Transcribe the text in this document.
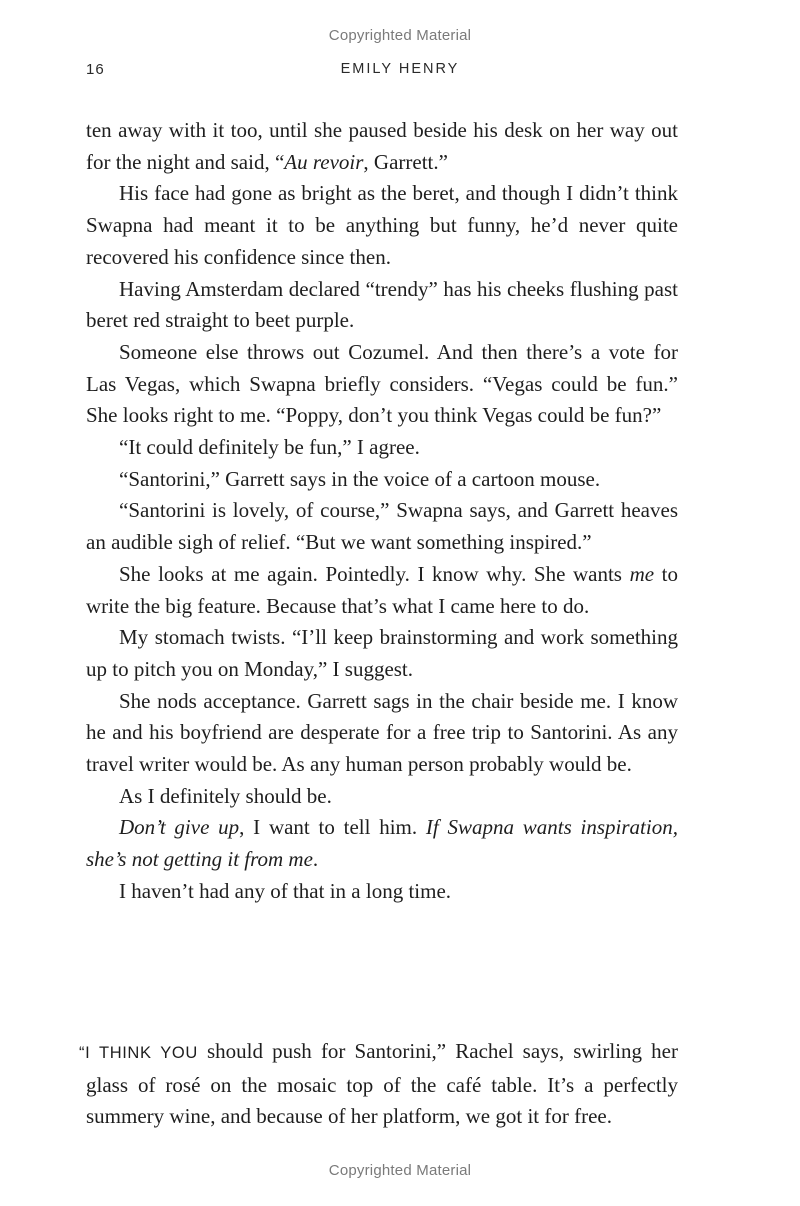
Copyrighted Material
16	EMILY HENRY

ten away with it too, until she paused beside his desk on her way out for the night and said, “Au revoir, Garrett.”

His face had gone as bright as the beret, and though I didn’t think Swapna had meant it to be anything but funny, he’d never quite recovered his confidence since then.

Having Amsterdam declared “trendy” has his cheeks flushing past beret red straight to beet purple.

Someone else throws out Cozumel. And then there’s a vote for Las Vegas, which Swapna briefly considers. “Vegas could be fun.” She looks right to me. “Poppy, don’t you think Vegas could be fun?”

“It could definitely be fun,” I agree.

“Santorini,” Garrett says in the voice of a cartoon mouse.

“Santorini is lovely, of course,” Swapna says, and Garrett heaves an audible sigh of relief. “But we want something inspired.”

She looks at me again. Pointedly. I know why. She wants me to write the big feature. Because that’s what I came here to do.

My stomach twists. “I’ll keep brainstorming and work something up to pitch you on Monday,” I suggest.

She nods acceptance. Garrett sags in the chair beside me. I know he and his boyfriend are desperate for a free trip to Santorini. As any travel writer would be. As any human person probably would be.

As I definitely should be.

Don’t give up, I want to tell him. If Swapna wants inspiration, she’s not getting it from me.

I haven’t had any of that in a long time.

“I THINK YOU should push for Santorini,” Rachel says, swirling her glass of rosé on the mosaic top of the café table. It’s a perfectly summery wine, and because of her platform, we got it for free.

Copyrighted Material
